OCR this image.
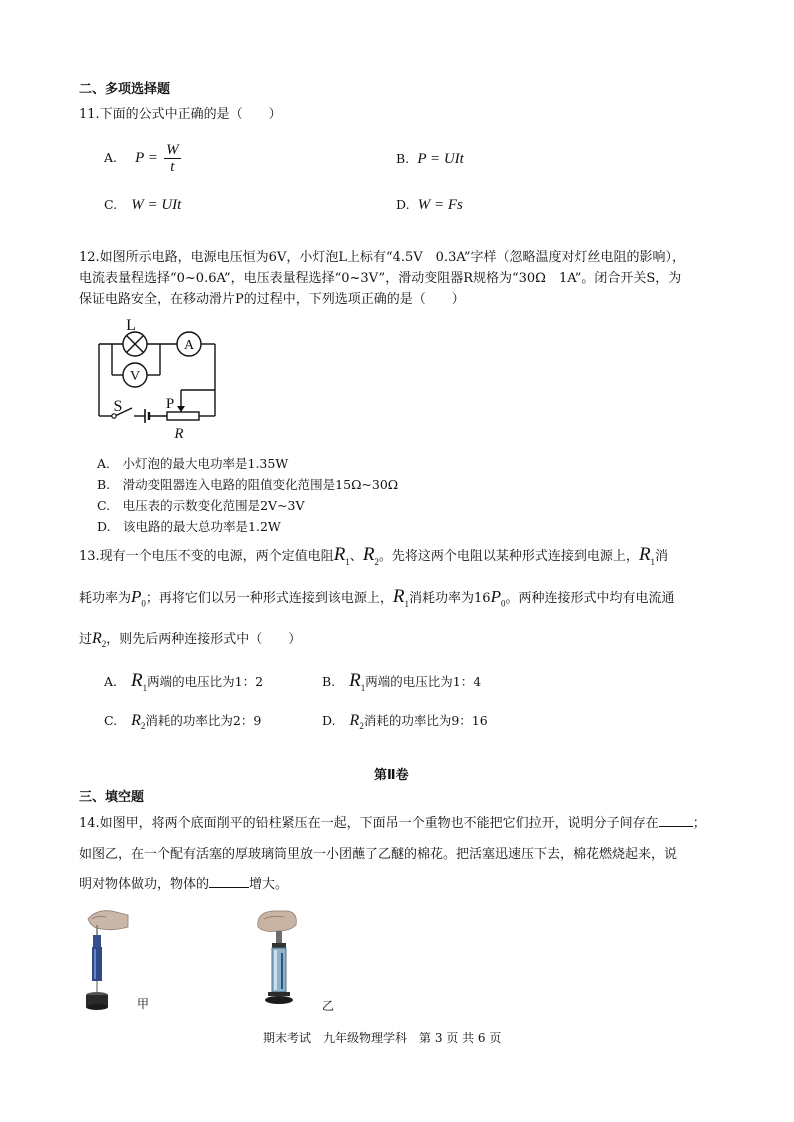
二、多项选择题
11.下面的公式中正确的是（　　）
A. $P = \frac{W}{t}$	B. P = UIt
C. W = UIt	D. W = Fs
12.如图所示电路，电源电压恒为6V，小灯泡L上标有“4.5V　0.3A”字样（忽略温度对灯丝电阻的影响），
电流表量程选择“0~0.6A”，电压表量程选择“0~3V”，滑动变阻器R规格为“30Ω　1A”。闭合开关S，为
保证电路安全，在移动滑片P的过程中，下列选项正确的是（　　）
A
V
L
S	P
R
A.　小灯泡的最大电功率是1.35W
B.　滑动变阻器连入电路的阻值变化范围是15Ω~30Ω
C.　电压表的示数变化范围是2V~3V
D.　该电路的最大总功率是1.2W
13.现有一个电压不变的电源，两个定值电阻$R_1$、$R_2$。先将这两个电阻以某种形式连接到电源上，$R_1$消
耗功率为$P_0$；再将它们以另一种形式连接到该电源上，$R_1$消耗功率为$16P_0$。两种连接形式中均有电流通
过$R_2$，则先后两种连接形式中（　　）
A. $R_1$两端的电压比为1：2	B. $R_1$两端的电压比为1：4
C. $R_2$消耗的功率比为2：9	D. $R_2$消耗的功率比为9：16
第Ⅱ卷
三、填空题
14.如图甲，将两个底面削平的铅柱紧压在一起，下面吊一个重物也不能把它们拉开，说明分子间存在	；
如图乙，在一个配有活塞的厚玻璃筒里放一小团蘸了乙醚的棉花。把活塞迅速压下去，棉花燃烧起来，说
明对物体做功，物体的	增大。
甲	乙
期末考试　九年级物理学科　第 3 页 共 6 页
